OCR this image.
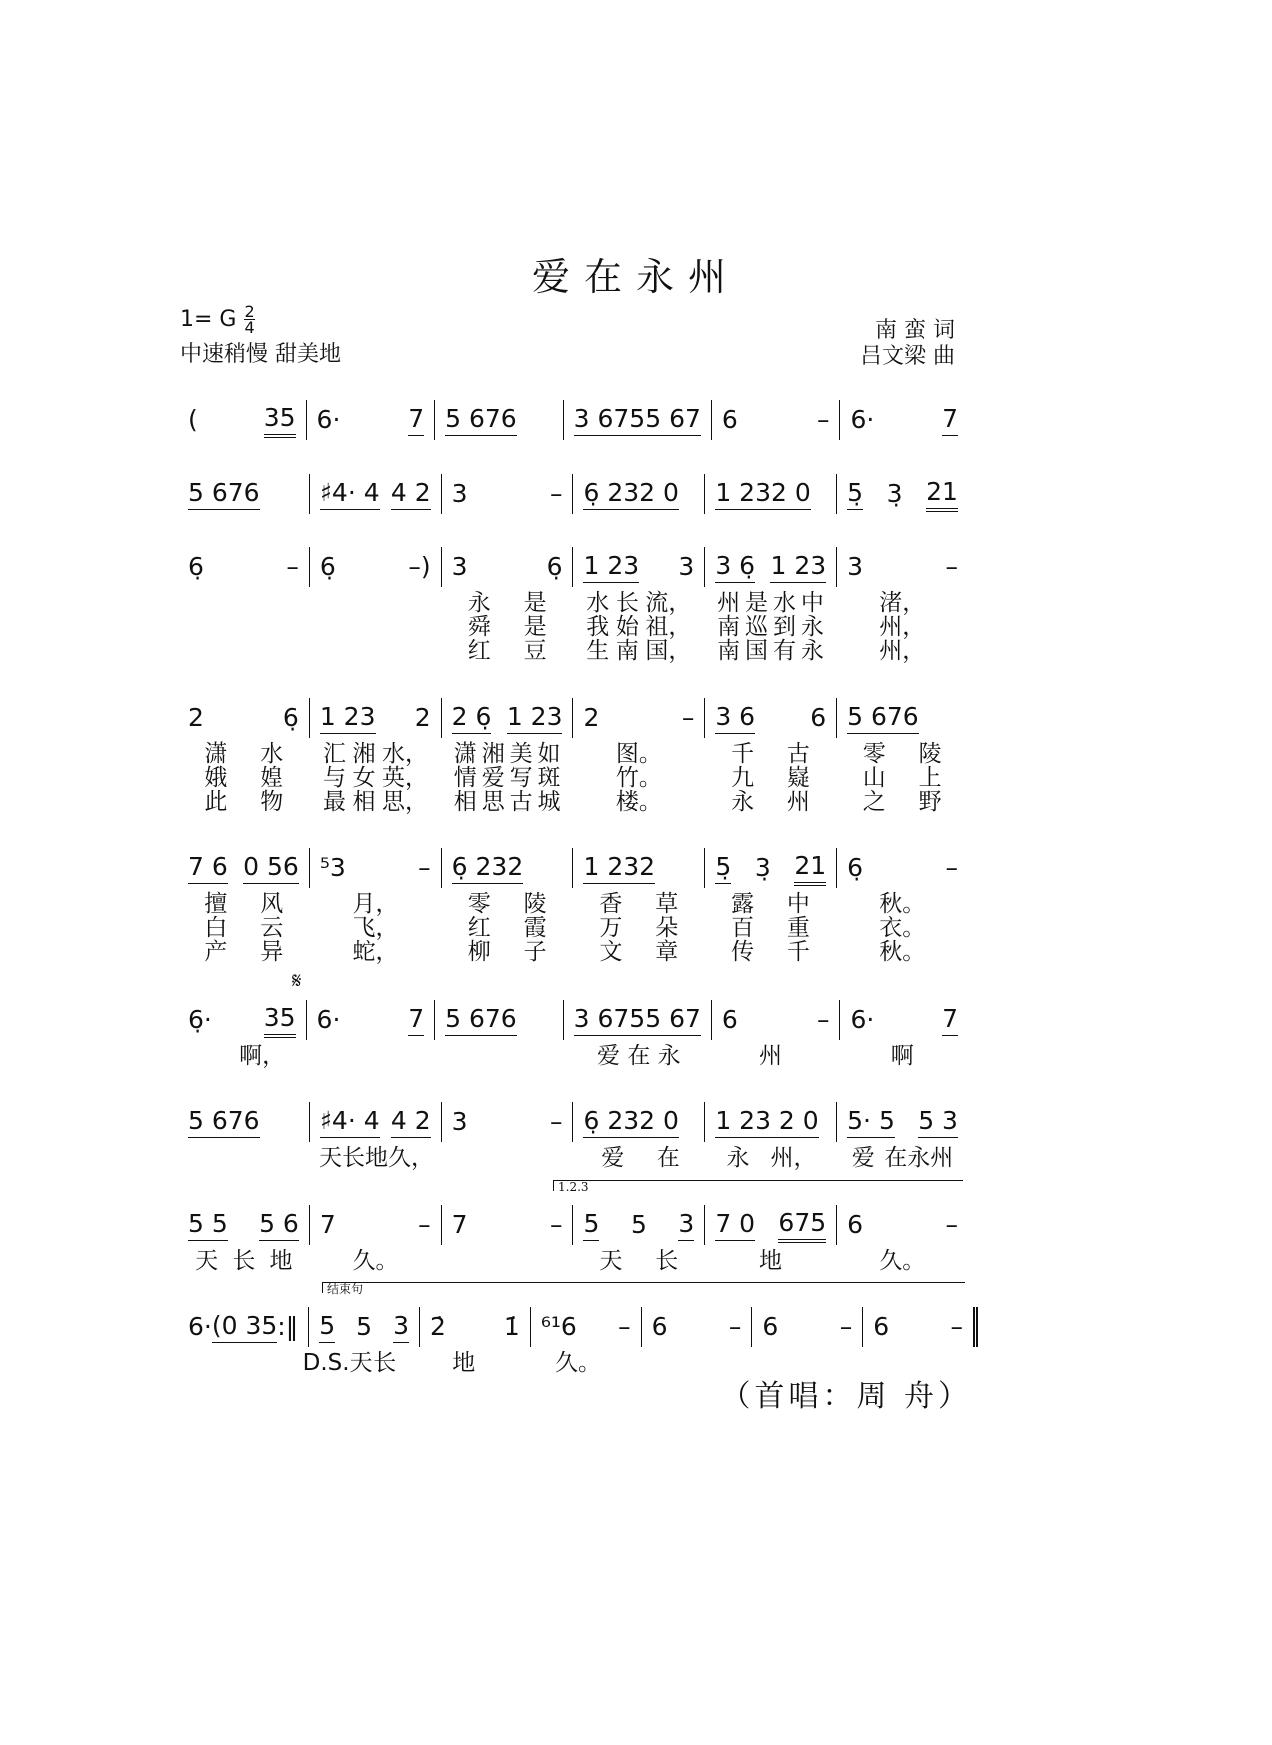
爱在永州
1= G $\frac{2}{4}$
中速稍慢 甜美地
南 蛮 词
吕文梁 曲
(	35 6·	7 5 676 3 675 5 67 6	– 6·	7
5 676 ♯4· 4 4 2 3	– 6̣ 232 0 1 232 0 5̣ 3̣ 21
6̣	– 6̣	–) 3	6̣ 1 23 3 3 6̣ 1 23 3	–
永 是 水 长 流， 州 是 水 中 渚，
舜 是 我 始 祖， 南 巡 到 永 州，
红 豆 生 南 国， 南 国 有 永 州，
2	6̣ 1 23 2 2 6̣ 1 23 2	– 3 6 6 5 676
潇 水 汇 湘 水， 潇 湘 美 如 图。	千 古 零 陵
娥 媓 与 女 英， 情 爱 写 斑 竹。	九 嶷 山 上
此 物 最 相 思， 相 思 古 城 楼。	永 州 之 野
7 6 0 56 ⁵3	– 6̣ 232 1 232 5̣ 3̣ 21 6̣	–
擅 风	月，	零 陵 香 草 露 中	秋。
白 云	飞，	红 霞 万 朵 百 重	衣。
产 异	蛇，	柳 子 文 章 传 千	秋。
6̣· 35 6·	7 5 676 3 675 5 67 6	– 6·	7

啊，	爱 在 永	州	啊
5 676 ♯4· 4 4 2 3	– 6̣ 232 0 1 23 2 0 5· 5 5 3
天 长地 久，	爱 在 永 州， 爱 在永州
5 5 5 6 7	– 7	– 5 5 3 7 0 675 6	–
天 长 地	久。	天 长	地	久。
6· (0 35 :‖ 5 5 3 2̇ 1̇ ⁶¹6 – 6 – 6 – 6 –
D.S.天 长 地	久。
𝄋
1.2.3
结束句
（首唱：周 舟）
